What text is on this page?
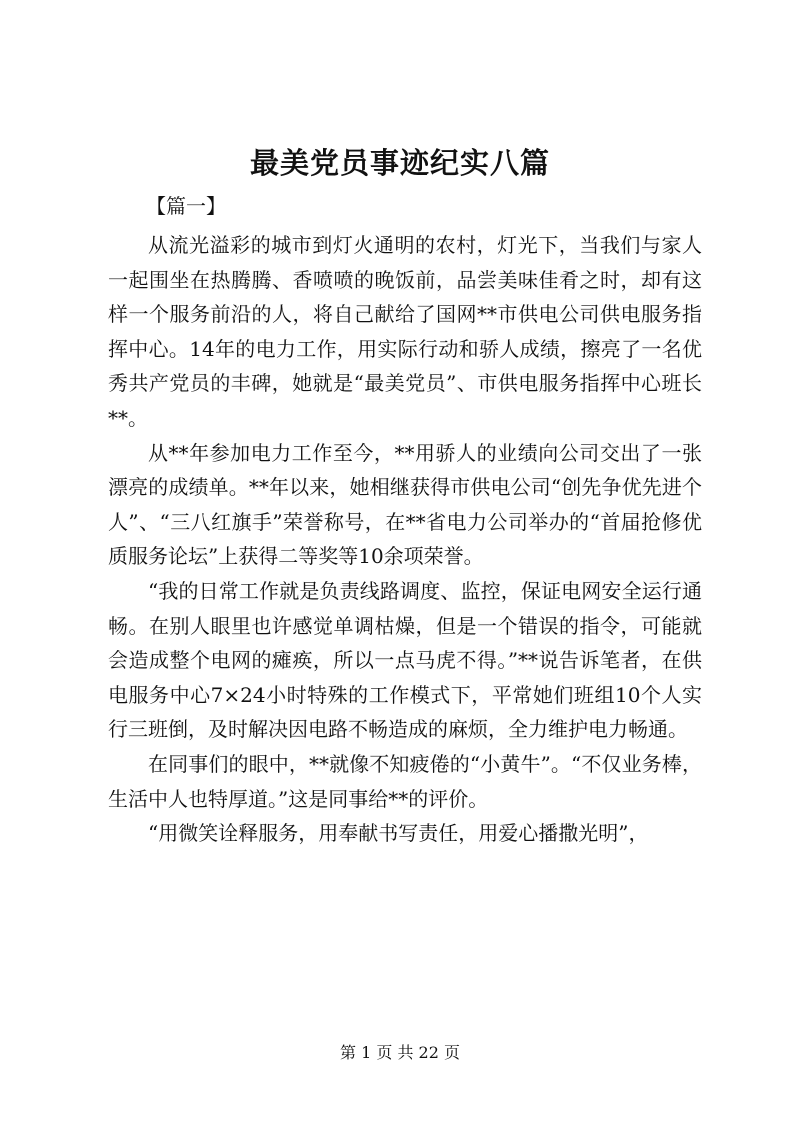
最美党员事迹纪实八篇
【篇一】

从流光溢彩的城市到灯火通明的农村，灯光下，当我们与家人一起围坐在热腾腾、香喷喷的晚饭前，品尝美味佳肴之时，却有这样一个服务前沿的人，将自己献给了国网**市供电公司供电服务指挥中心。14年的电力工作，用实际行动和骄人成绩，擦亮了一名优秀共产党员的丰碑，她就是“最美党员”、市供电服务指挥中心班长**。

从**年参加电力工作至今，**用骄人的业绩向公司交出了一张漂亮的成绩单。**年以来，她相继获得市供电公司“创先争优先进个人”、“三八红旗手”荣誉称号，在**省电力公司举办的“首届抢修优质服务论坛”上获得二等奖等10余项荣誉。

“我的日常工作就是负责线路调度、监控，保证电网安全运行通畅。在别人眼里也许感觉单调枯燥，但是一个错误的指令，可能就会造成整个电网的瘫痪，所以一点马虎不得。”**说告诉笔者，在供电服务中心7×24小时特殊的工作模式下，平常她们班组10个人实行三班倒，及时解决因电路不畅造成的麻烦，全力维护电力畅通。

在同事们的眼中，**就像不知疲倦的“小黄牛”。“不仅业务棒，生活中人也特厚道。”这是同事给**的评价。

“用微笑诠释服务，用奉献书写责任，用爱心播撒光明”，

第 1 页 共 22 页
